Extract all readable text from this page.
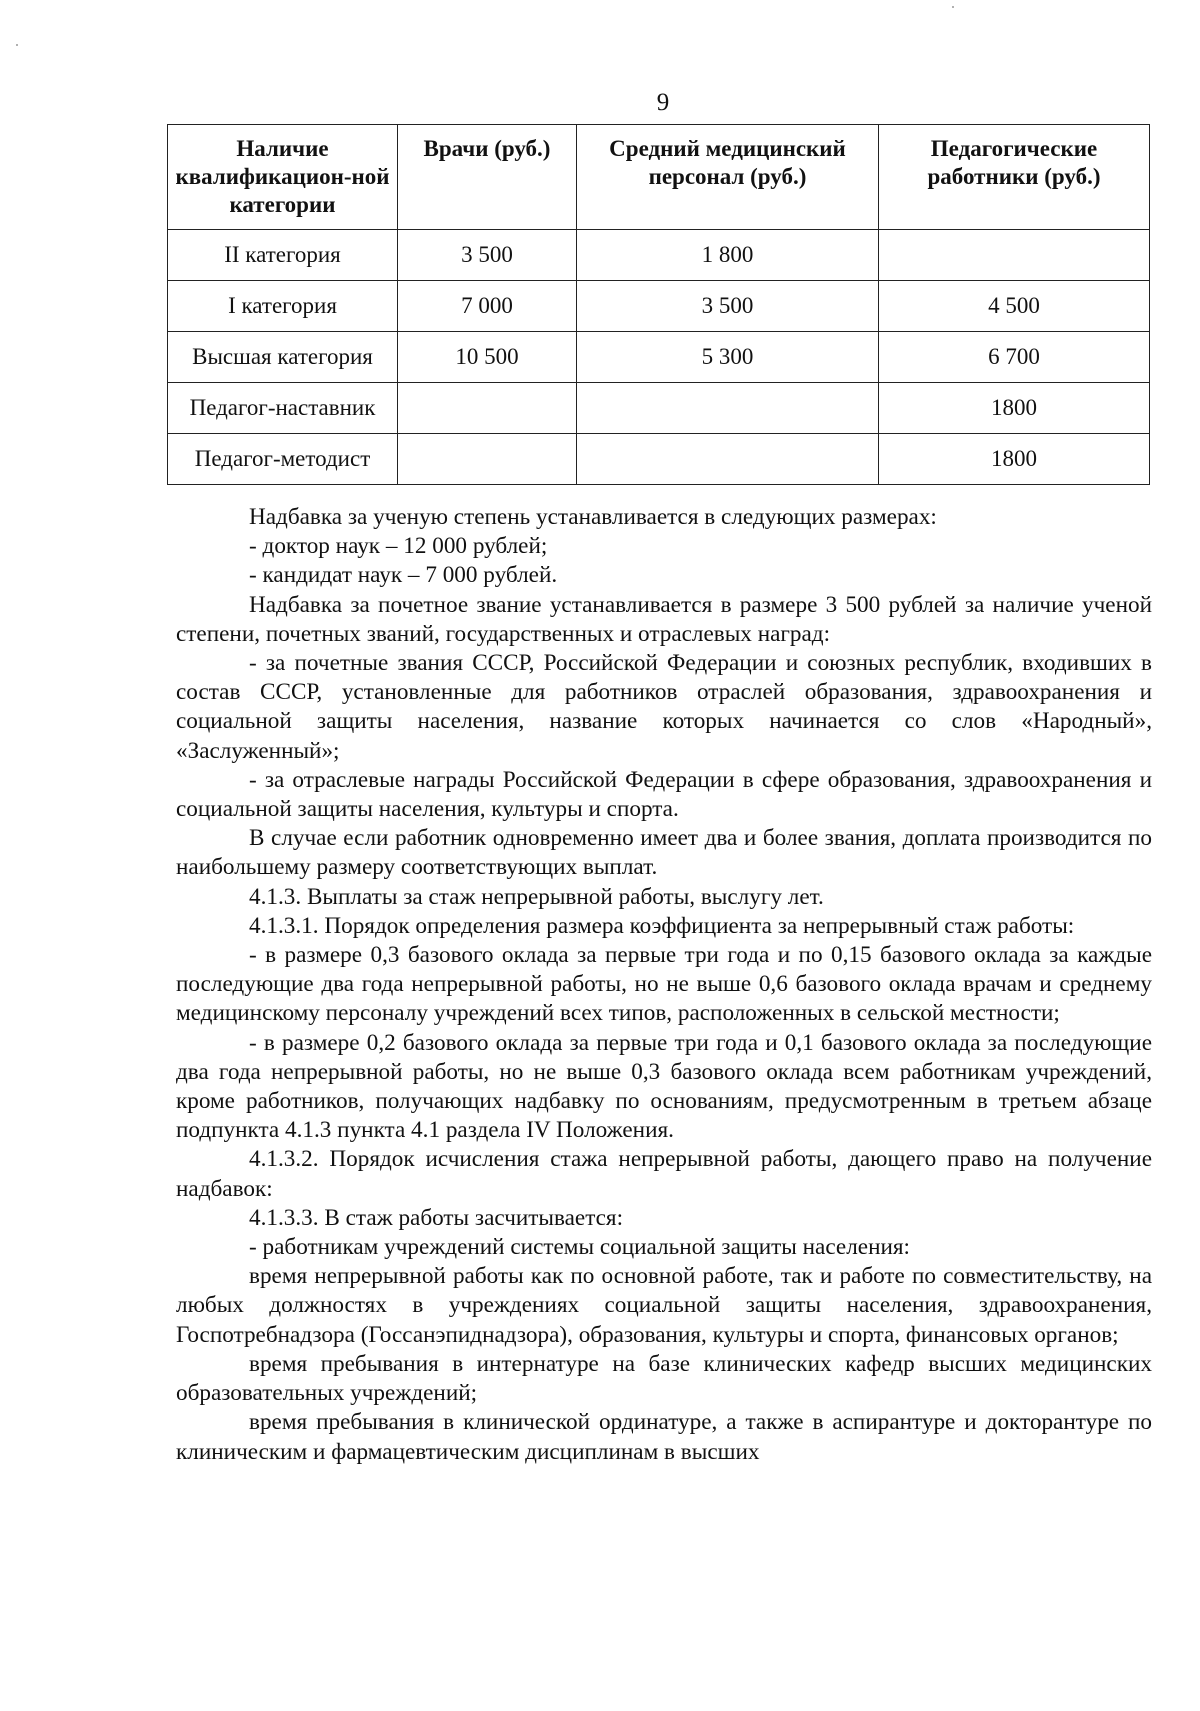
9
Наличие квалификацион-ной категории	Врачи (руб.)	Средний медицинский персонал (руб.)	Педагогические работники (руб.)
II категория	3 500	1 800	
I категория	7 000	3 500	4 500
Высшая категория	10 500	5 300	6 700
Педагог-наставник			1800
Педагог-методист			1800

Надбавка за ученую степень устанавливается в следующих размерах:

- доктор наук – 12 000 рублей;

- кандидат наук – 7 000 рублей.

Надбавка за почетное звание устанавливается в размере 3 500 рублей за наличие ученой степени, почетных званий, государственных и отраслевых наград:

- за почетные звания СССР, Российской Федерации и союзных республик, входивших в состав СССР, установленные для работников отраслей образования, здравоохранения и социальной защиты населения, название которых начинается со слов «Народный», «Заслуженный»;

- за отраслевые награды Российской Федерации в сфере образования, здравоохранения и социальной защиты населения, культуры и спорта.

В случае если работник одновременно имеет два и более звания, доплата производится по наибольшему размеру соответствующих выплат.

4.1.3. Выплаты за стаж непрерывной работы, выслугу лет.

4.1.3.1. Порядок определения размера коэффициента за непрерывный стаж работы:

- в размере 0,3 базового оклада за первые три года и по 0,15 базового оклада за каждые последующие два года непрерывной работы, но не выше 0,6 базового оклада врачам и среднему медицинскому персоналу учреждений всех типов, расположенных в сельской местности;

- в размере 0,2 базового оклада за первые три года и 0,1 базового оклада за последующие два года непрерывной работы, но не выше 0,3 базового оклада всем работникам учреждений, кроме работников, получающих надбавку по основаниям, предусмотренным в третьем абзаце подпункта 4.1.3 пункта 4.1 раздела IV Положения.

4.1.3.2. Порядок исчисления стажа непрерывной работы, дающего право на получение надбавок:

4.1.3.3. В стаж работы засчитывается:

- работникам учреждений системы социальной защиты населения:

время непрерывной работы как по основной работе, так и работе по совместительству, на любых должностях в учреждениях социальной защиты населения, здравоохранения, Госпотребнадзора (Госсанэпиднадзора), образования, культуры и спорта, финансовых органов;

время пребывания в интернатуре на базе клинических кафедр высших медицинских образовательных учреждений;

время пребывания в клинической ординатуре, а также в аспирантуре и докторантуре по клиническим и фармацевтическим дисциплинам в высших
